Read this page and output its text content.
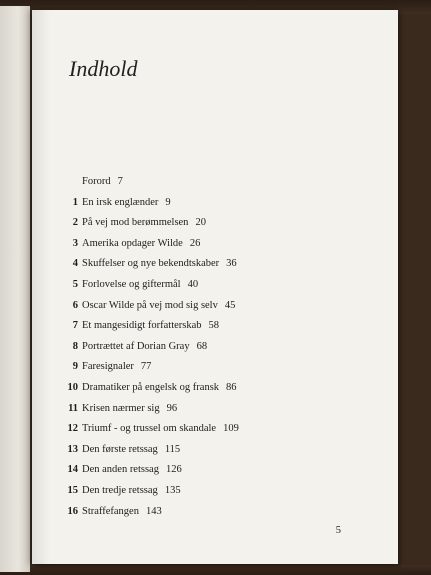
Indhold
Forord 7
1 En irsk englænder 9
2 På vej mod berømmelsen 20
3 Amerika opdager Wilde 26
4 Skuffelser og nye bekendtskaber 36
5 Forlovelse og giftermål 40
6 Oscar Wilde på vej mod sig selv 45
7 Et mangesidigt forfatterskab 58
8 Portrættet af Dorian Gray 68
9 Faresignaler 77
10 Dramatiker på engelsk og fransk 86
11 Krisen nærmer sig 96
12 Triumf - og trussel om skandale 109
13 Den første retssag 115
14 Den anden retssag 126
15 Den tredje retssag 135
16 Straffefangen 143
5
